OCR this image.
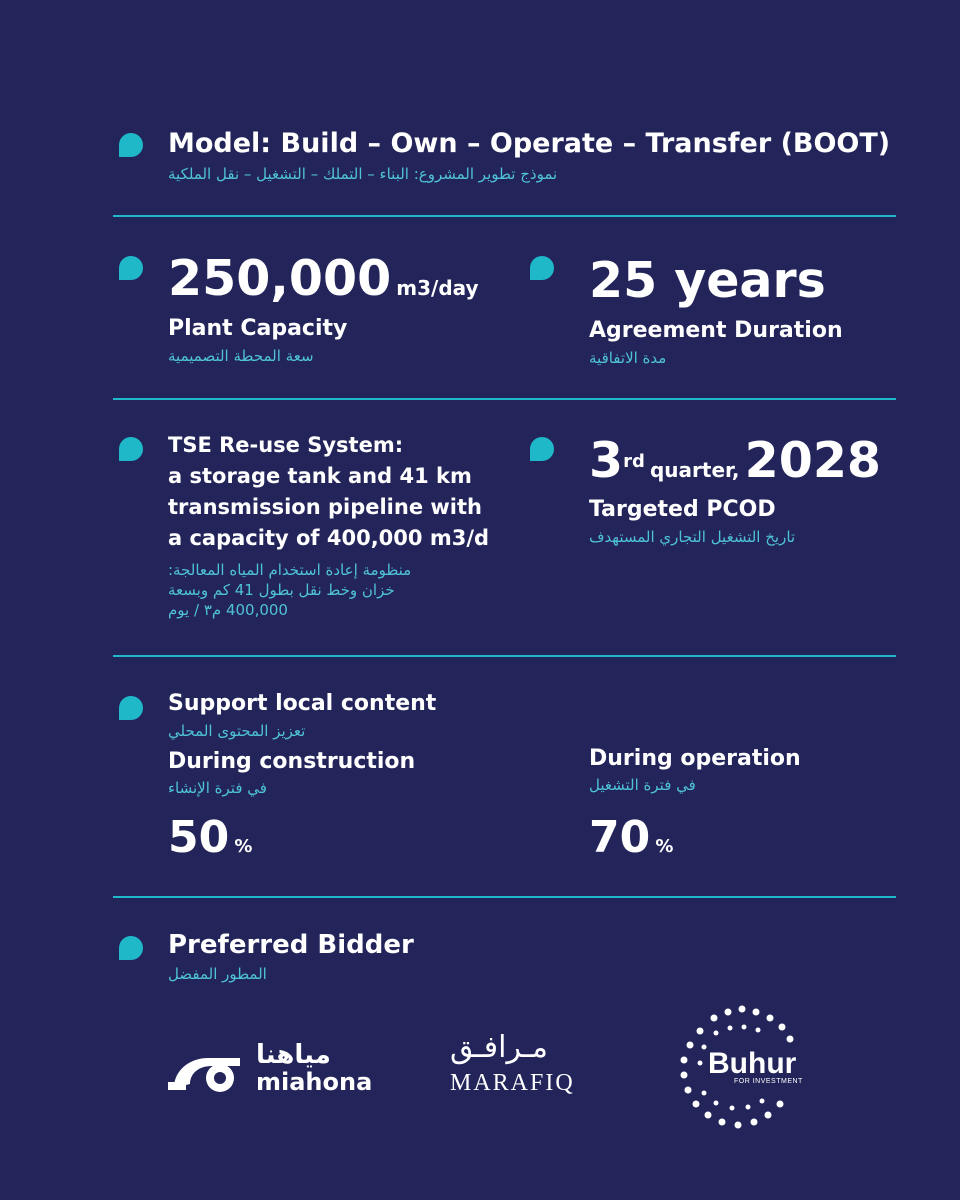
Model: Build – Own – Operate – Transfer (BOOT)
نموذج تطوير المشروع: البناء – التملك – التشغيل – نقل الملكية
250,000 m3/day
Plant Capacity
سعة المحطة التصميمية
25 years
Agreement Duration
مدة الاتفاقية
TSE Re-use System:
a storage tank and 41 km
transmission pipeline with
a capacity of 400,000 m3/d
منظومة إعادة استخدام المياه المعالجة:
خزان وخط نقل بطول 41 كم وبسعة
400,000 م٣ / يوم
3rd quarter, 2028
Targeted PCOD
تاريخ التشغيل التجاري المستهدف
Support local content
تعزيز المحتوى المحلي
During construction
في فترة الإنشاء
50 %
During operation
في فترة التشغيل
70 %
Preferred Bidder
المطور المفضل
مياهنا
miahona
مـرافـق
MARAFIQ
Buhur
FOR INVESTMENT
